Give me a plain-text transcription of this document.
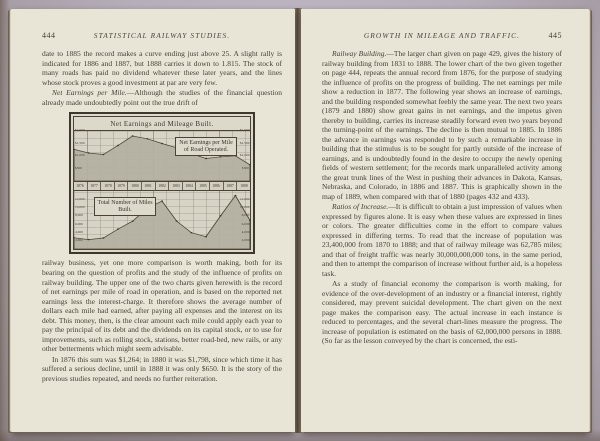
444	STATISTICAL RAILWAY STUDIES.

date to 1885 the record makes a curve ending just above 25. A slight rally is indicated for 1886 and 1887, but 1888 carries it down to 1.815. The stock of many roads has paid no dividend whatever these later years, and the lines whose stock proves a good investment at par are very few.

Net Earnings per Mile.—Although the studies of the financial question already made undoubtedly point out the true drift of

Net Earnings and Mileage Built.
Net Earnings per Mile of Road Operated.
$2,000
$1,500
$1,000
$500
$2,000
$1,500
$1,000
$500
1876 1877 1878 1879 1880 1881 1882 1883 1884 1885 1886 1887 1888
Total Number of Miles Built.
12,000
10,000
8,000
6,000
4,000
2,000
12,000
10,000
8,000
6,000
4,000
2,000

railway business, yet one more comparison is worth making, both for its bearing on the question of profits and the study of the influence of profits on railway building. The upper one of the two charts given herewith is the record of net earnings per mile of road in operation, and is based on the reported net earnings less the interest-charge. It therefore shows the average number of dollars each mile had earned, after paying all expenses and the interest on its debt. This money, then, is the clear amount each mile could apply each year to pay the principal of its debt and the dividends on its capital stock, or to use for improvements, such as rolling stock, stations, better road-bed, new rails, or any other betterments which might seem advisable.

In 1876 this sum was $1,264; in 1880 it was $1,798, since which time it has suffered a serious decline, until in 1888 it was only $650. It is the story of the previous studies repeated, and needs no further reiteration.

GROWTH IN MILEAGE AND TRAFFIC.	445

Railway Building.—The larger chart given on page 429, gives the history of railway building from 1831 to 1888. The lower chart of the two given together on page 444, repeats the annual record from 1876, for the purpose of studying the influence of profits on the progress of building. The net earnings per mile show a reduction in 1877. The following year shows an increase of earnings, and the building responded somewhat feebly the same year. The next two years (1879 and 1880) show great gains in net earnings, and the impetus given thereby to building, carries its increase steadily forward even two years beyond the turning-point of the earnings. The decline is then mutual to 1885. In 1886 the advance in earnings was responded to by such a remarkable increase in building that the stimulus is to be sought for partly outside of the increase of earnings, and is undoubtedly found in the desire to occupy the newly opening fields of western settlement; for the records mark unparalleled activity among the great trunk lines of the West in pushing their advances in Dakota, Kansas, Nebraska, and Colorado, in 1886 and 1887. This is graphically shown in the map of 1889, when compared with that of 1880 (pages 432 and 433).

Ratios of Increase.—It is difficult to obtain a just impression of values when expressed by figures alone. It is easy when these values are expressed in lines or colors. The greater difficulties come in the effort to compare values expressed in differing terms. To read that the increase of population was 23,400,000 from 1870 to 1888; and that of railway mileage was 62,785 miles; and that of freight traffic was nearly 30,000,000,000 tons, in the same period, and then to attempt the comparison of increase without further aid, is a hopeless task.

As a study of financial economy the comparison is worth making, for evidence of the over-development of an industry or a financial interest, rightly considered, may prevent suicidal development. The chart given on the next page makes the comparison easy. The actual increase in each instance is reduced to percentages, and the several chart-lines measure the progress. The increase of population is estimated on the basis of 62,000,000 persons in 1888. (So far as the lesson conveyed by the chart is concerned, the esti-
